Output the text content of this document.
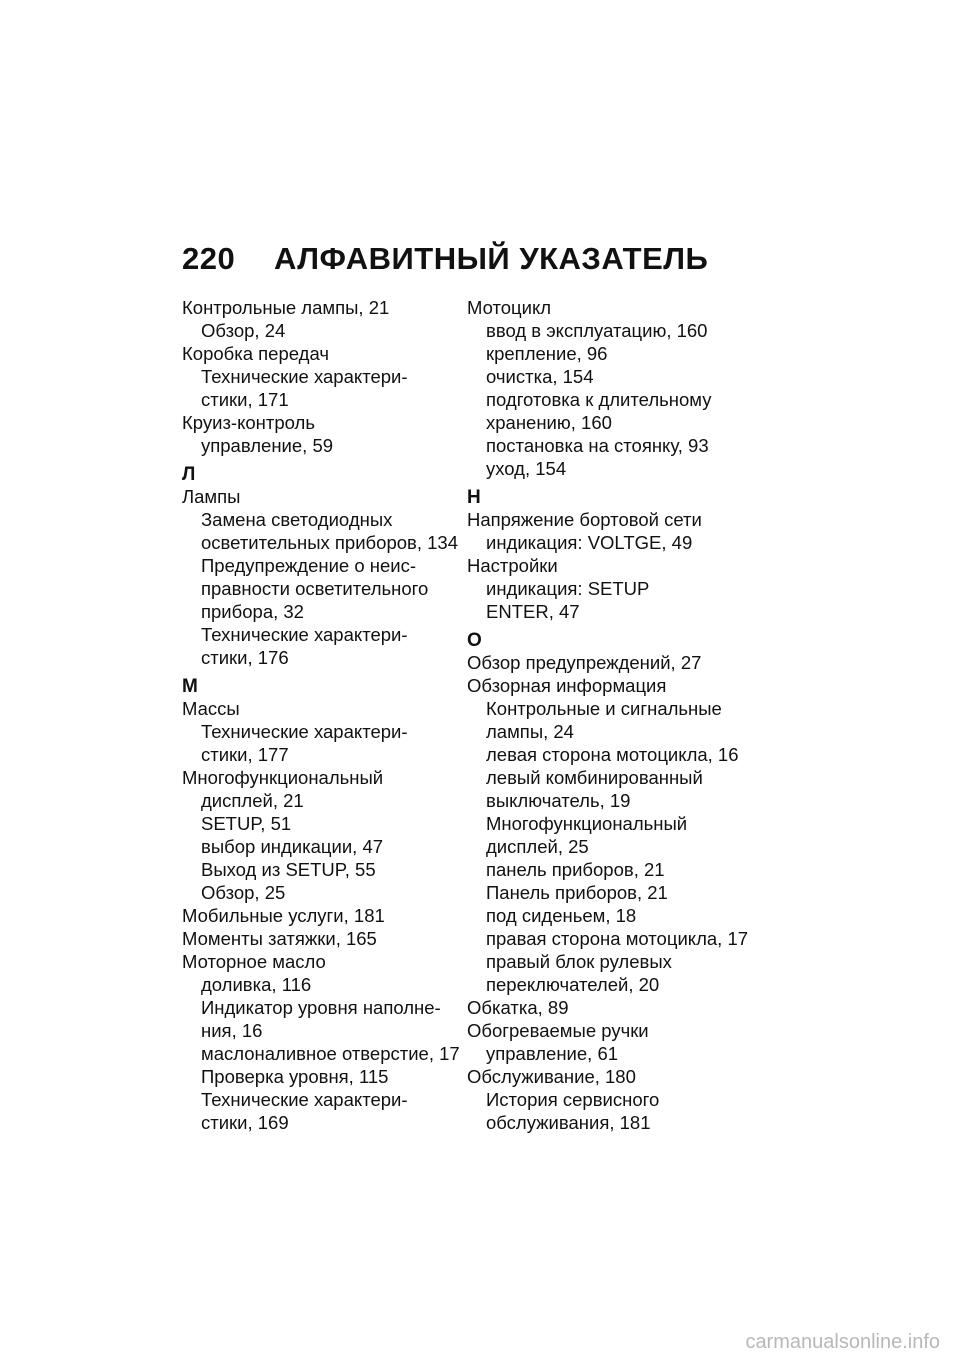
220 АЛФАВИТНЫЙ УКАЗАТЕЛЬ
Контрольные лампы, 21
Обзор, 24
Коробка передач
Технические характери-
стики, 171
Круиз-контроль
управление, 59
Л
Лампы
Замена светодиодных
осветительных приборов, 134
Предупреждение о неис-
правности осветительного
прибора, 32
Технические характери-
стики, 176
М
Массы
Технические характери-
стики, 177
Многофункциональный
дисплей, 21
SETUP, 51
выбор индикации, 47
Выход из SETUP, 55
Обзор, 25
Мобильные услуги, 181
Моменты затяжки, 165
Моторное масло
доливка, 116
Индикатор уровня наполне-
ния, 16
маслоналивное отверстие, 17
Проверка уровня, 115
Технические характери-
стики, 169
Мотоцикл
ввод в эксплуатацию, 160
крепление, 96
очистка, 154
подготовка к длительному
хранению, 160
постановка на стоянку, 93
уход, 154
Н
Напряжение бортовой сети
индикация: VOLTGE, 49
Настройки
индикация: SETUP
ENTER, 47
О
Обзор предупреждений, 27
Обзорная информация
Контрольные и сигнальные
лампы, 24
левая сторона мотоцикла, 16
левый комбинированный
выключатель, 19
Многофункциональный
дисплей, 25
панель приборов, 21
Панель приборов, 21
под сиденьем, 18
правая сторона мотоцикла, 17
правый блок рулевых
переключателей, 20
Обкатка, 89
Обогреваемые ручки
управление, 61
Обслуживание, 180
История сервисного
обслуживания, 181
carmanualsonline.info
